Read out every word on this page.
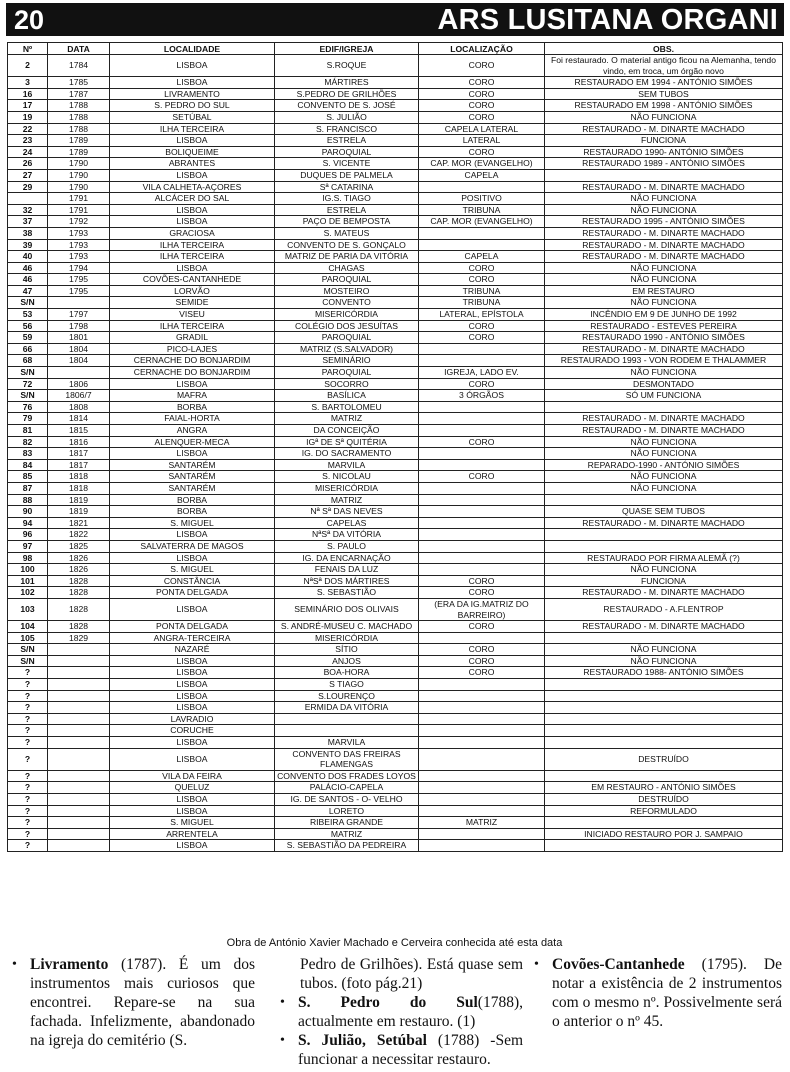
20	ARS LUSITANA ORGANI
Nº	DATA	LOCALIDADE	EDIF/IGREJA	LOCALIZAÇÃO	OBS.
2	1784	LISBOA	S.ROQUE	CORO	Foi restaurado. O material antigo ficou na Alemanha, tendo vindo, em troca, um órgão novo
3	1785	LISBOA	MÁRTIRES	CORO	RESTAURADO EM 1994 - ANTÓNIO SIMÕES
16	1787	LIVRAMENTO	S.PEDRO DE GRILHÕES	CORO	SEM TUBOS
17	1788	S. PEDRO DO SUL	CONVENTO DE S. JOSÉ	CORO	RESTAURADO EM 1998 - ANTÓNIO SIMÕES
19	1788	SETÚBAL	S. JULIÃO	CORO	NÃO FUNCIONA
22	1788	ILHA TERCEIRA	S. FRANCISCO	CAPELA LATERAL	RESTAURADO - M. DINARTE MACHADO
23	1789	LISBOA	ESTRELA	LATERAL	FUNCIONA
24	1789	BOLIQUEIME	PAROQUIAL	CORO	RESTAURADO 1990- ANTÓNIO SIMÕES
26	1790	ABRANTES	S. VICENTE	CAP. MOR (EVANGELHO)	RESTAURADO 1989 - ANTÓNIO SIMÕES
27	1790	LISBOA	DUQUES DE PALMELA	CAPELA	
29	1790	VILA CALHETA-AÇORES	Sª CATARINA		RESTAURADO - M. DINARTE MACHADO
	1791	ALCÁCER DO SAL	IG.S. TIAGO	POSITIVO	NÃO FUNCIONA
32	1791	LISBOA	ESTRELA	TRIBUNA	NÃO FUNCIONA
37	1792	LISBOA	PAÇO DE BEMPOSTA	CAP. MOR (EVANGELHO)	RESTAURADO 1995 - ANTÓNIO SIMÕES
38	1793	GRACIOSA	S. MATEUS		RESTAURADO - M. DINARTE MACHADO
39	1793	ILHA TERCEIRA	CONVENTO DE S. GONÇALO		RESTAURADO - M. DINARTE MACHADO
40	1793	ILHA TERCEIRA	MATRIZ DE PARIA DA VITÓRIA	CAPELA	RESTAURADO - M. DINARTE MACHADO
46	1794	LISBOA	CHAGAS	CORO	NÃO FUNCIONA
46	1795	COVÕES-CANTANHEDE	PAROQUIAL	CORO	NÃO FUNCIONA
47	1795	LORVÃO	MOSTEIRO	TRIBUNA	EM RESTAURO
S/N		SEMIDE	CONVENTO	TRIBUNA	NÃO FUNCIONA
53	1797	VISEU	MISERICÓRDIA	LATERAL, EPÍSTOLA	INCÊNDIO EM 9 DE JUNHO DE 1992
56	1798	ILHA TERCEIRA	COLÉGIO DOS JESUÍTAS	CORO	RESTAURADO - ESTEVES PEREIRA
59	1801	GRADIL	PAROQUIAL	CORO	RESTAURADO 1990 - ANTÓNIO SIMÕES
66	1804	PICO-LAJES	MATRIZ (S.SALVADOR)		RESTAURADO - M. DINARTE MACHADO
68	1804	CERNACHE DO BONJARDIM	SEMINÁRIO		RESTAURADO 1993 - VON RODEM E THALAMMER
S/N		CERNACHE DO BONJARDIM	PAROQUIAL	IGREJA, LADO EV.	NÃO FUNCIONA
72	1806	LISBOA	SOCORRO	CORO	DESMONTADO
S/N	1806/7	MAFRA	BASÍLICA	3 ÓRGÃOS	SÓ UM FUNCIONA
76	1808	BORBA	S. BARTOLOMEU		
79	1814	FAIAL-HORTA	MATRIZ		RESTAURADO - M. DINARTE MACHADO
81	1815	ANGRA	DA CONCEIÇÃO		RESTAURADO - M. DINARTE MACHADO
82	1816	ALENQUER-MECA	IGª DE Sª QUITÉRIA	CORO	NÃO FUNCIONA
83	1817	LISBOA	IG. DO SACRAMENTO		NÃO FUNCIONA
84	1817	SANTARÉM	MARVILA		REPARADO-1990 - ANTÓNIO SIMÕES
85	1818	SANTARÉM	S. NICOLAU	CORO	NÃO FUNCIONA
87	1818	SANTARÉM	MISERICÓRDIA		NÃO FUNCIONA
88	1819	BORBA	MATRIZ		
90	1819	BORBA	Nª Sª DAS NEVES		QUASE SEM TUBOS
94	1821	S. MIGUEL	CAPELAS		RESTAURADO - M. DINARTE MACHADO
96	1822	LISBOA	NªSª DA VITÓRIA		
97	1825	SALVATERRA DE MAGOS	S. PAULO		
98	1826	LISBOA	IG. DA ENCARNAÇÃO		RESTAURADO POR FIRMA ALEMÃ (?)
100	1826	S. MIGUEL	FENAIS DA LUZ		NÃO FUNCIONA
101	1828	CONSTÂNCIA	NªSª DOS MÁRTIRES	CORO	FUNCIONA
102	1828	PONTA DELGADA	S. SEBASTIÃO	CORO	RESTAURADO - M. DINARTE MACHADO
103	1828	LISBOA	SEMINÁRIO DOS OLIVAIS	(ERA DA IG.MATRIZ DO BARREIRO)	RESTAURADO - A.FLENTROP
104	1828	PONTA DELGADA	S. ANDRÉ-MUSEU C. MACHADO	CORO	RESTAURADO - M. DINARTE MACHADO
105	1829	ANGRA-TERCEIRA	MISERICÓRDIA		
S/N		NAZARÉ	SÍTIO	CORO	NÃO FUNCIONA
S/N		LISBOA	ANJOS	CORO	NÃO FUNCIONA
?		LISBOA	BOA-HORA	CORO	RESTAURADO 1988- ANTÓNIO SIMÕES
?		LISBOA	S TIAGO		
?		LISBOA	S.LOURENÇO		
?		LISBOA	ERMIDA DA VITÓRIA		
?		LAVRADIO			
?		CORUCHE			
?		LISBOA	MARVILA		
?		LISBOA	CONVENTO DAS FREIRAS FLAMENGAS		DESTRUÍDO
?		VILA DA FEIRA	CONVENTO DOS FRADES LOYOS		
?		QUELUZ	PALÁCIO-CAPELA		EM RESTAURO - ANTÓNIO SIMÕES
?		LISBOA	IG. DE SANTOS - O- VELHO		DESTRUÍDO
?		LISBOA	LORETO		REFORMULADO
?		S. MIGUEL	RIBEIRA GRANDE	MATRIZ	
?		ARRENTELA	MATRIZ		INICIADO RESTAURO POR J. SAMPAIO
?		LISBOA	S. SEBASTIÃO DA PEDREIRA		
Obra de António Xavier Machado e Cerveira conhecida até esta data
• Livramento (1787). É um dos instrumentos mais curiosos que encontrei. Repare-se na sua fachada. Infelizmente, abandonado na igreja do cemitério (S.
Pedro de Grilhões). Está quase sem tubos. (foto pág.21)
• S. Pedro do Sul(1788), actualmente em restauro. (1)
• S. Julião, Setúbal (1788) -Sem funcionar a necessitar restauro.
• Covões-Cantanhede (1795). De notar a existência de 2 instrumentos com o mesmo nº. Possivelmente será o anterior o nº 45.
